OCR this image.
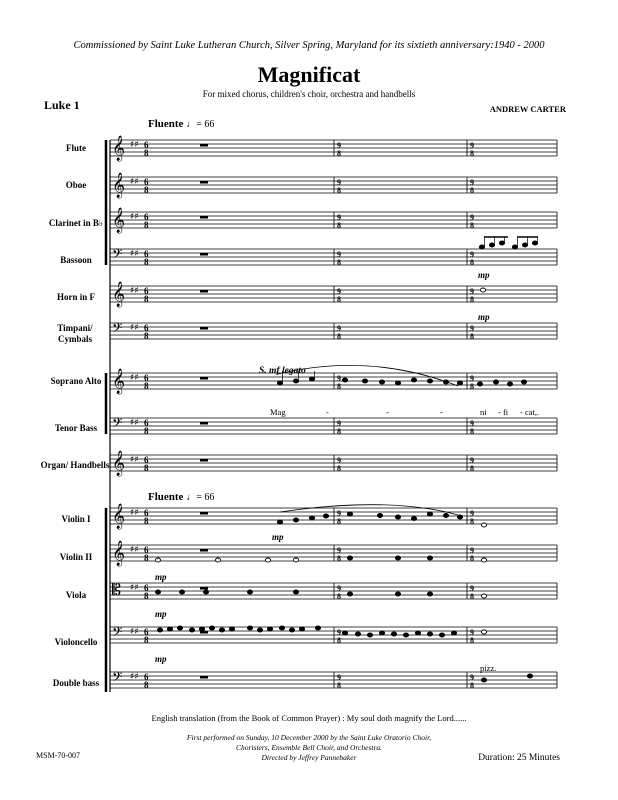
Commissioned by Saint Luke Lutheran Church, Silver Spring, Maryland for its sixtieth anniversary:1940 - 2000
Magnificat
For mixed chorus, children's choir, orchestra and handbells
Luke 1	ANDREW CARTER
Flute
Oboe
Clarinet in B♭
Bassoon
Horn in F
Timpani/ Cymbals
Soprano Alto
Tenor Bass
Organ/ Handbells
Violin I
Violin II
Viola
Violoncello
Double bass
Fluente ♩= 66
Fluente ♩= 66
mp
mp
S. mf legato
mp
mp
mp
mp
pizz.
Mag	-	-	-	ni - fi - cat,.
English translation (from the Book of Common Prayer) : My soul doth magnify the Lord......
First performed on Sunday, 10 December 2000 by the Saint Luke Oratorio Choir,
Choristers, Ensemble Bell Choir, and Orchestra.
Directed by Jeffrey Pannebaker
MSM-70-007	Duration: 25 Minutes
𝄞 ♯♯ 6
8
9
8
9
8
𝄞 ♯♯ 6
8
9
8
9
8
𝄞 ♯♯ 6
8
9
8
9
8
𝄢 ♯♯ 6
8
9
8
9
8
𝄞 ♯♯ 6
8
9
8
9
8
𝄢 ♯♯ 6
8
9
8
9
8
𝄞 ♯♯ 6
8
9
8
9
8
𝄢 ♯♯ 6
8
9
8
9
8
𝄞 ♯♯ 6
8
9
8
9
8
𝄞 ♯♯ 6
8
9
8
9
8
𝄞 ♯♯ 6
8
9
8
9
8
𝄡 ♯♯ 6
8
9
8
9
8
𝄢 ♯♯ 6
8
9
8
9
8
𝄢 ♯♯ 6
8
9
8
9
8
